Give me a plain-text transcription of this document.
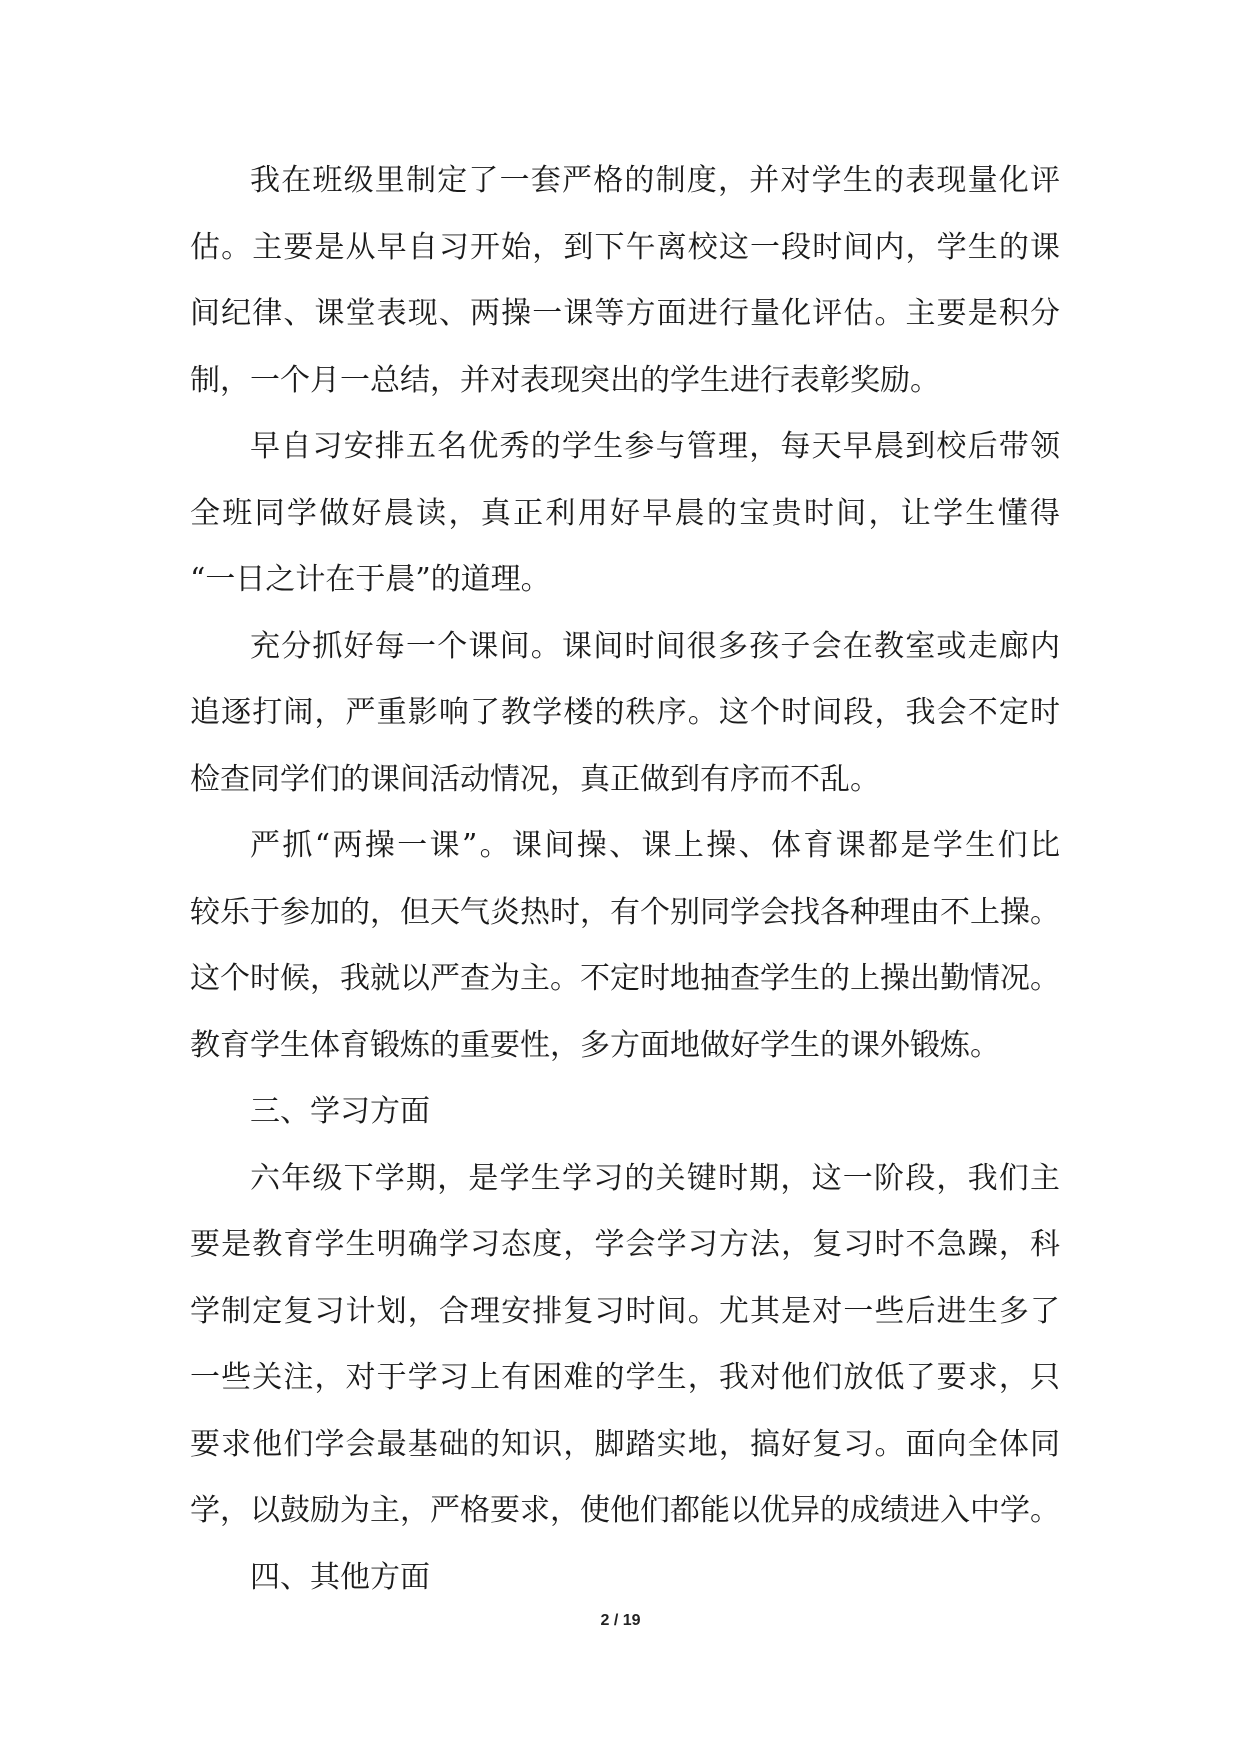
我在班级里制定了一套严格的制度，并对学生的表现量化评
估。主要是从早自习开始，到下午离校这一段时间内，学生的课
间纪律、课堂表现、两操一课等方面进行量化评估。主要是积分
制，一个月一总结，并对表现突出的学生进行表彰奖励。
早自习安排五名优秀的学生参与管理，每天早晨到校后带领
全班同学做好晨读，真正利用好早晨的宝贵时间，让学生懂得
“一日之计在于晨”的道理。
充分抓好每一个课间。课间时间很多孩子会在教室或走廊内
追逐打闹，严重影响了教学楼的秩序。这个时间段，我会不定时
检查同学们的课间活动情况，真正做到有序而不乱。
严抓“两操一课”。课间操、课上操、体育课都是学生们比
较乐于参加的，但天气炎热时，有个别同学会找各种理由不上操。
这个时候，我就以严查为主。不定时地抽查学生的上操出勤情况。
教育学生体育锻炼的重要性，多方面地做好学生的课外锻炼。
三、学习方面
六年级下学期，是学生学习的关键时期，这一阶段，我们主
要是教育学生明确学习态度，学会学习方法，复习时不急躁，科
学制定复习计划，合理安排复习时间。尤其是对一些后进生多了
一些关注，对于学习上有困难的学生，我对他们放低了要求，只
要求他们学会最基础的知识，脚踏实地，搞好复习。面向全体同
学，以鼓励为主，严格要求，使他们都能以优异的成绩进入中学。
四、其他方面
2 / 19
